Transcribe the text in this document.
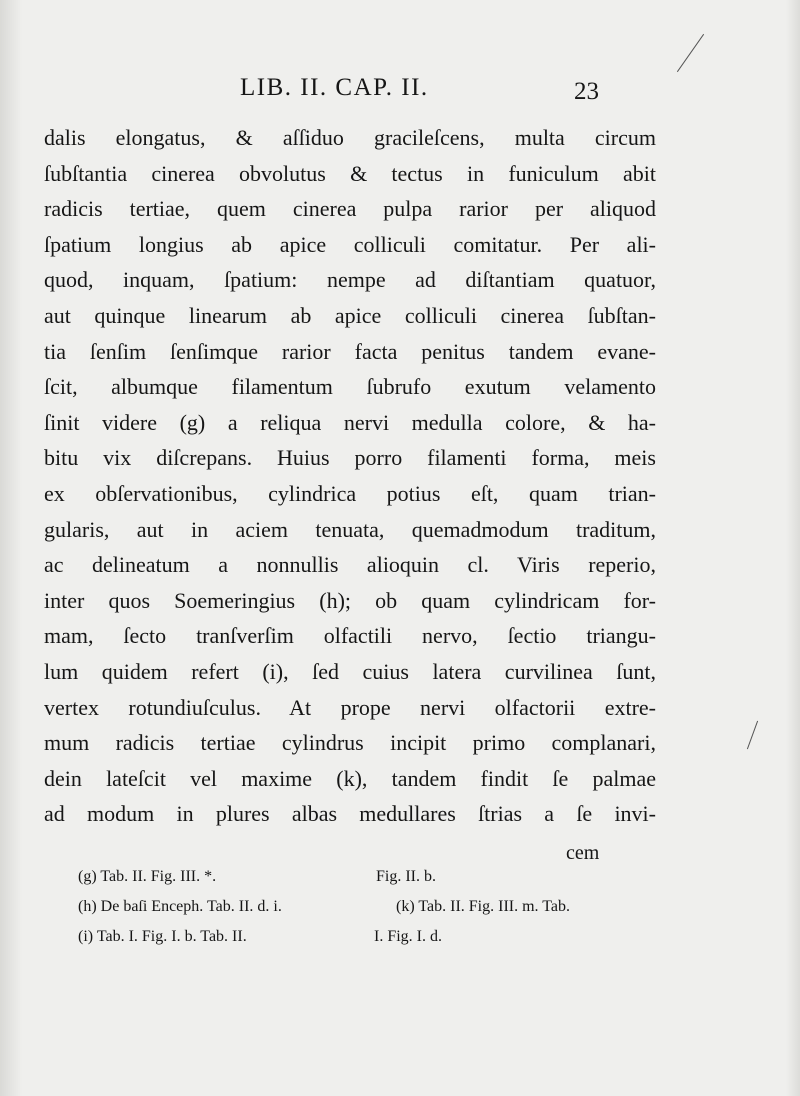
LIB. II. CAP. II.	23
dalis elongatus, & aſſiduo gracileſcens, multa circum
ſubſtantia cinerea obvolutus & tectus in funiculum abit
radicis tertiae, quem cinerea pulpa rarior per aliquod
ſpatium longius ab apice colliculi comitatur. Per ali-
quod, inquam, ſpatium: nempe ad diſtantiam quatuor,
aut quinque linearum ab apice colliculi cinerea ſubſtan-
tia ſenſim ſenſimque rarior facta penitus tandem evane-
ſcit, albumque filamentum ſubrufo exutum velamento
ſinit videre (g) a reliqua nervi medulla colore, & ha-
bitu vix diſcrepans. Huius porro filamenti forma, meis
ex obſervationibus, cylindrica potius eſt, quam trian-
gularis, aut in aciem tenuata, quemadmodum traditum,
ac delineatum a nonnullis alioquin cl. Viris reperio,
inter quos Soemeringius (h); ob quam cylindricam for-
mam, ſecto tranſverſim olfactili nervo, ſectio triangu-
lum quidem refert (i), ſed cuius latera curvilinea ſunt,
vertex rotundiuſculus. At prope nervi olfactorii extre-
mum radicis tertiae cylindrus incipit primo complanari,
dein lateſcit vel maxime (k), tandem findit ſe palmae
ad modum in plures albas medullares ſtrias a ſe invi-
cem
(g) Tab. II. Fig. III. *.	Fig. II. b.
(h) De baſi Enceph. Tab. II. d. i.	(k) Tab. II. Fig. III. m. Tab.
(i) Tab. I. Fig. I. b. Tab. II.	I. Fig. I. d.
